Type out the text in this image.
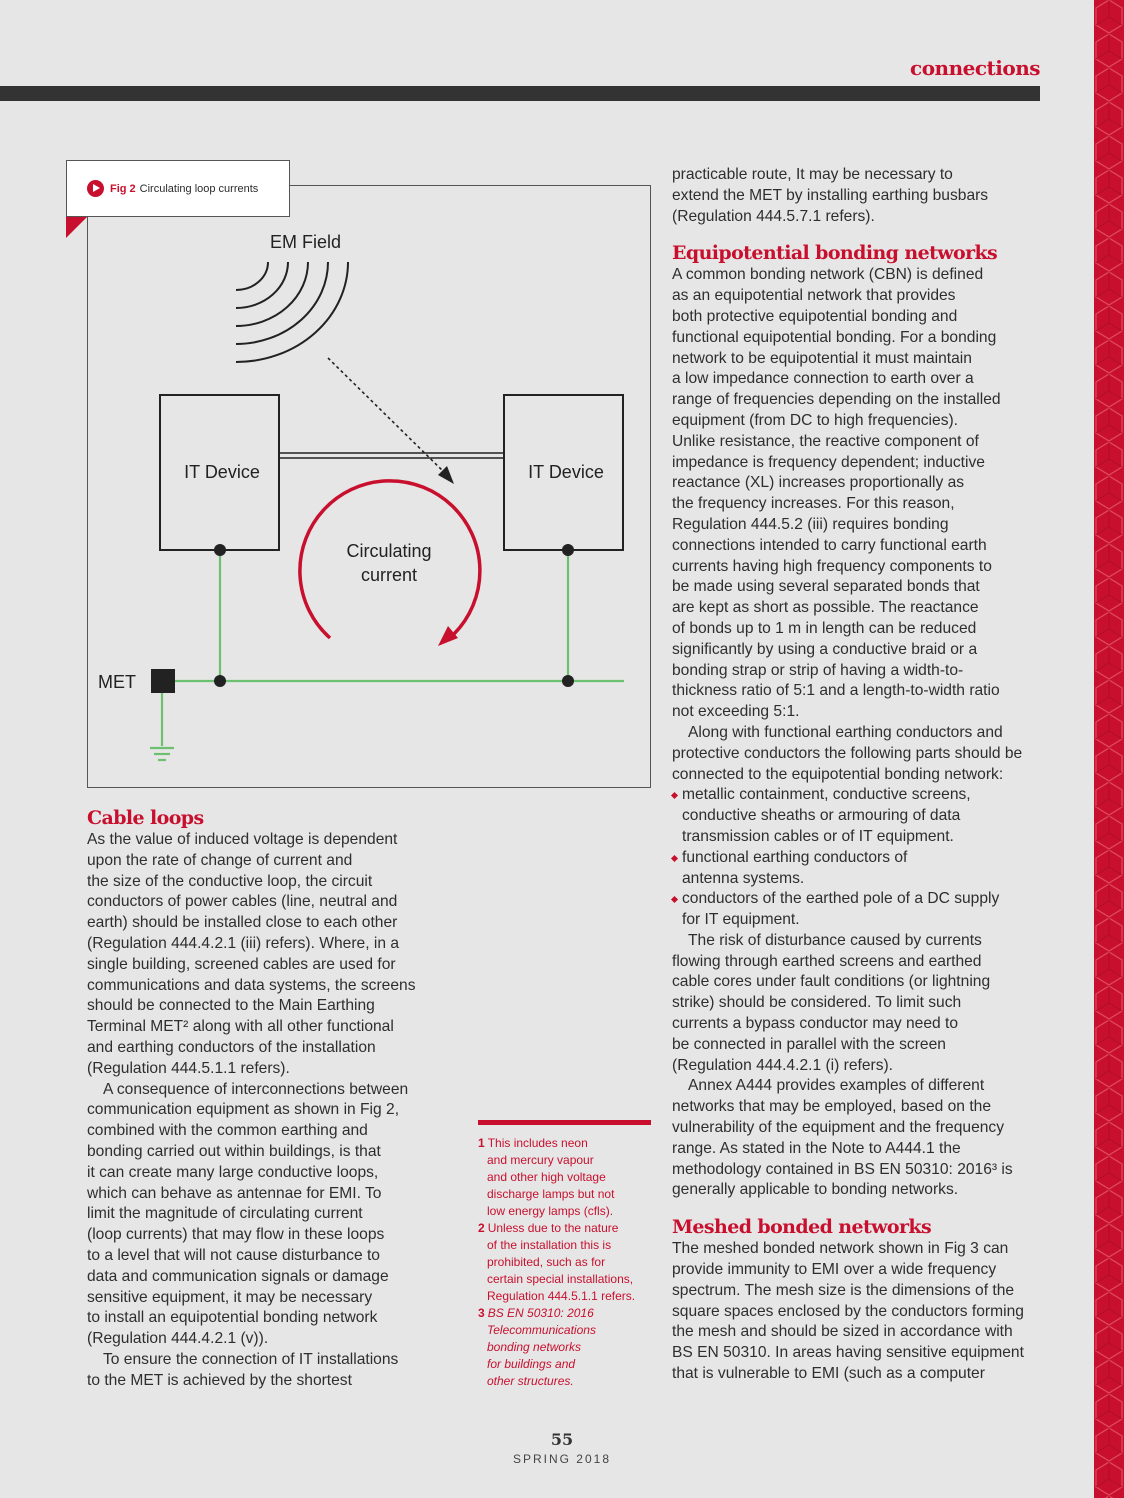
connections
EM Field
IT Device	IT Device
Circulating
current
MET
Fig 2 Circulating loop currents
Cable loops

As the value of induced voltage is dependent

upon the rate of change of current and

the size of the conductive loop, the circuit

conductors of power cables (line, neutral and

earth) should be installed close to each other

(Regulation 444.4.2.1 (iii) refers). Where, in a

single building, screened cables are used for

communications and data systems, the screens

should be connected to the Main Earthing

Terminal MET² along with all other functional

and earthing conductors of the installation

(Regulation 444.5.1.1 refers).

A consequence of interconnections between

communication equipment as shown in Fig 2,

combined with the common earthing and

bonding carried out within buildings, is that

it can create many large conductive loops,

which can behave as antennae for EMI. To

limit the magnitude of circulating current

(loop currents) that may flow in these loops

to a level that will not cause disturbance to

data and communication signals or damage

sensitive equipment, it may be necessary

to install an equipotential bonding network

(Regulation 444.4.2.1 (v)).

To ensure the connection of IT installations

to the MET is achieved by the shortest

1 This includes neon

and mercury vapour

and other high voltage

discharge lamps but not

low energy lamps (cfls).

2 Unless due to the nature

of the installation this is

prohibited, such as for

certain special installations,

Regulation 444.5.1.1 refers.

3 BS EN 50310: 2016

Telecommunications

bonding networks

for buildings and

other structures.

practicable route, It may be necessary to

extend the MET by installing earthing busbars

(Regulation 444.5.7.1 refers).

Equipotential bonding networks

A common bonding network (CBN) is defined

as an equipotential network that provides

both protective equipotential bonding and

functional equipotential bonding. For a bonding

network to be equipotential it must maintain

a low impedance connection to earth over a

range of frequencies depending on the installed

equipment (from DC to high frequencies).

Unlike resistance, the reactive component of

impedance is frequency dependent; inductive

reactance (XL) increases proportionally as

the frequency increases. For this reason,

Regulation 444.5.2 (iii) requires bonding

connections intended to carry functional earth

currents having high frequency components to

be made using several separated bonds that

are kept as short as possible. The reactance

of bonds up to 1 m in length can be reduced

significantly by using a conductive braid or a

bonding strap or strip of having a width-to-

thickness ratio of 5:1 and a length-to-width ratio

not exceeding 5:1.

Along with functional earthing conductors and

protective conductors the following parts should be

connected to the equipotential bonding network:

metallic containment, conductive screens,

conductive sheaths or armouring of data

transmission cables or of IT equipment.

functional earthing conductors of

antenna systems.

conductors of the earthed pole of a DC supply

for IT equipment.

The risk of disturbance caused by currents

flowing through earthed screens and earthed

cable cores under fault conditions (or lightning

strike) should be considered. To limit such

currents a bypass conductor may need to

be connected in parallel with the screen

(Regulation 444.4.2.1 (i) refers).

Annex A444 provides examples of different

networks that may be employed, based on the

vulnerability of the equipment and the frequency

range. As stated in the Note to A444.1 the

methodology contained in BS EN 50310: 2016³ is

generally applicable to bonding networks.

Meshed bonded networks

The meshed bonded network shown in Fig 3 can

provide immunity to EMI over a wide frequency

spectrum. The mesh size is the dimensions of the

square spaces enclosed by the conductors forming

the mesh and should be sized in accordance with

BS EN 50310. In areas having sensitive equipment

that is vulnerable to EMI (such as a computer

55
SPRING 2018
